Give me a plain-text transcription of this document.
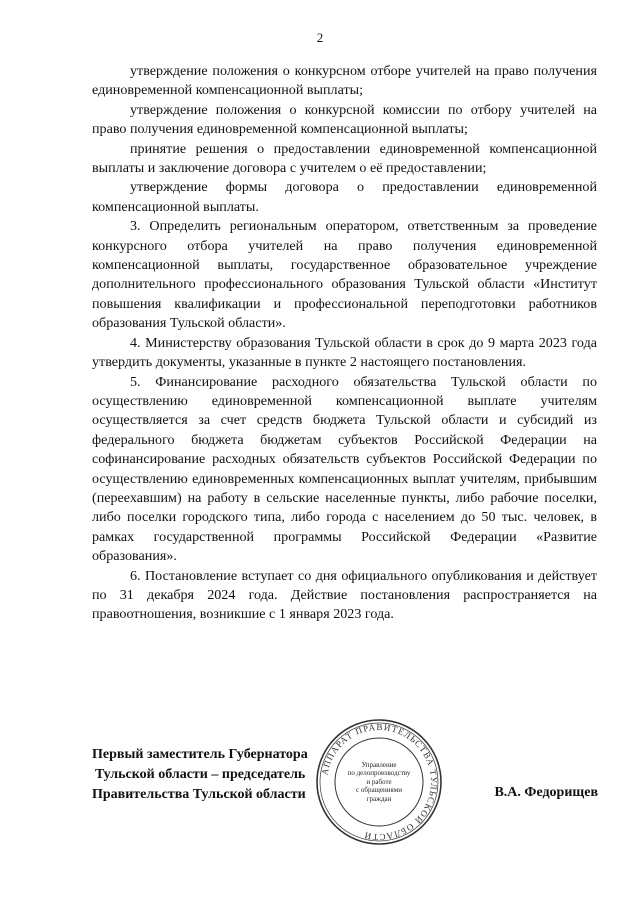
2

утверждение положения о конкурсном отборе учителей на право получения единовременной компенсационной выплаты;

утверждение положения о конкурсной комиссии по отбору учителей на право получения единовременной компенсационной выплаты;

принятие решения о предоставлении единовременной компенсационной выплаты и заключение договора с учителем о её предоставлении;

утверждение формы договора о предоставлении единовременной компенсационной выплаты.

3. Определить региональным оператором, ответственным за проведение конкурсного отбора учителей на право получения единовременной компенсационной выплаты, государственное образовательное учреждение дополнительного профессионального образования Тульской области «Институт повышения квалификации и профессиональной переподготовки работников образования Тульской области».

4. Министерству образования Тульской области в срок до 9 марта 2023 года утвердить документы, указанные в пункте 2 настоящего постановления.

5. Финансирование расходного обязательства Тульской области по осуществлению единовременной компенсационной выплате учителям осуществляется за счет средств бюджета Тульской области и субсидий из федерального бюджета бюджетам субъектов Российской Федерации на софинансирование расходных обязательств субъектов Российской Федерации по осуществлению единовременных компенсационных выплат учителям, прибывшим (переехавшим) на работу в сельские населенные пункты, либо рабочие поселки, либо поселки городского типа, либо города с населением до 50 тыс. человек, в рамках государственной программы Российской Федерации «Развитие образования».

6. Постановление вступает со дня официального опубликования и действует по 31 декабря 2024 года. Действие постановления распространяется на правоотношения, возникшие с 1 января 2023 года.

Первый заместитель Губернатора
Тульской области – председатель
Правительства Тульской области	В.А. Федорищев
АППАРАТ ПРАВИТЕЛЬСТВА ТУЛЬСКОЙ ОБЛАСТИ
Управление
по делопроизводству
и работе
с обращениями
граждан
